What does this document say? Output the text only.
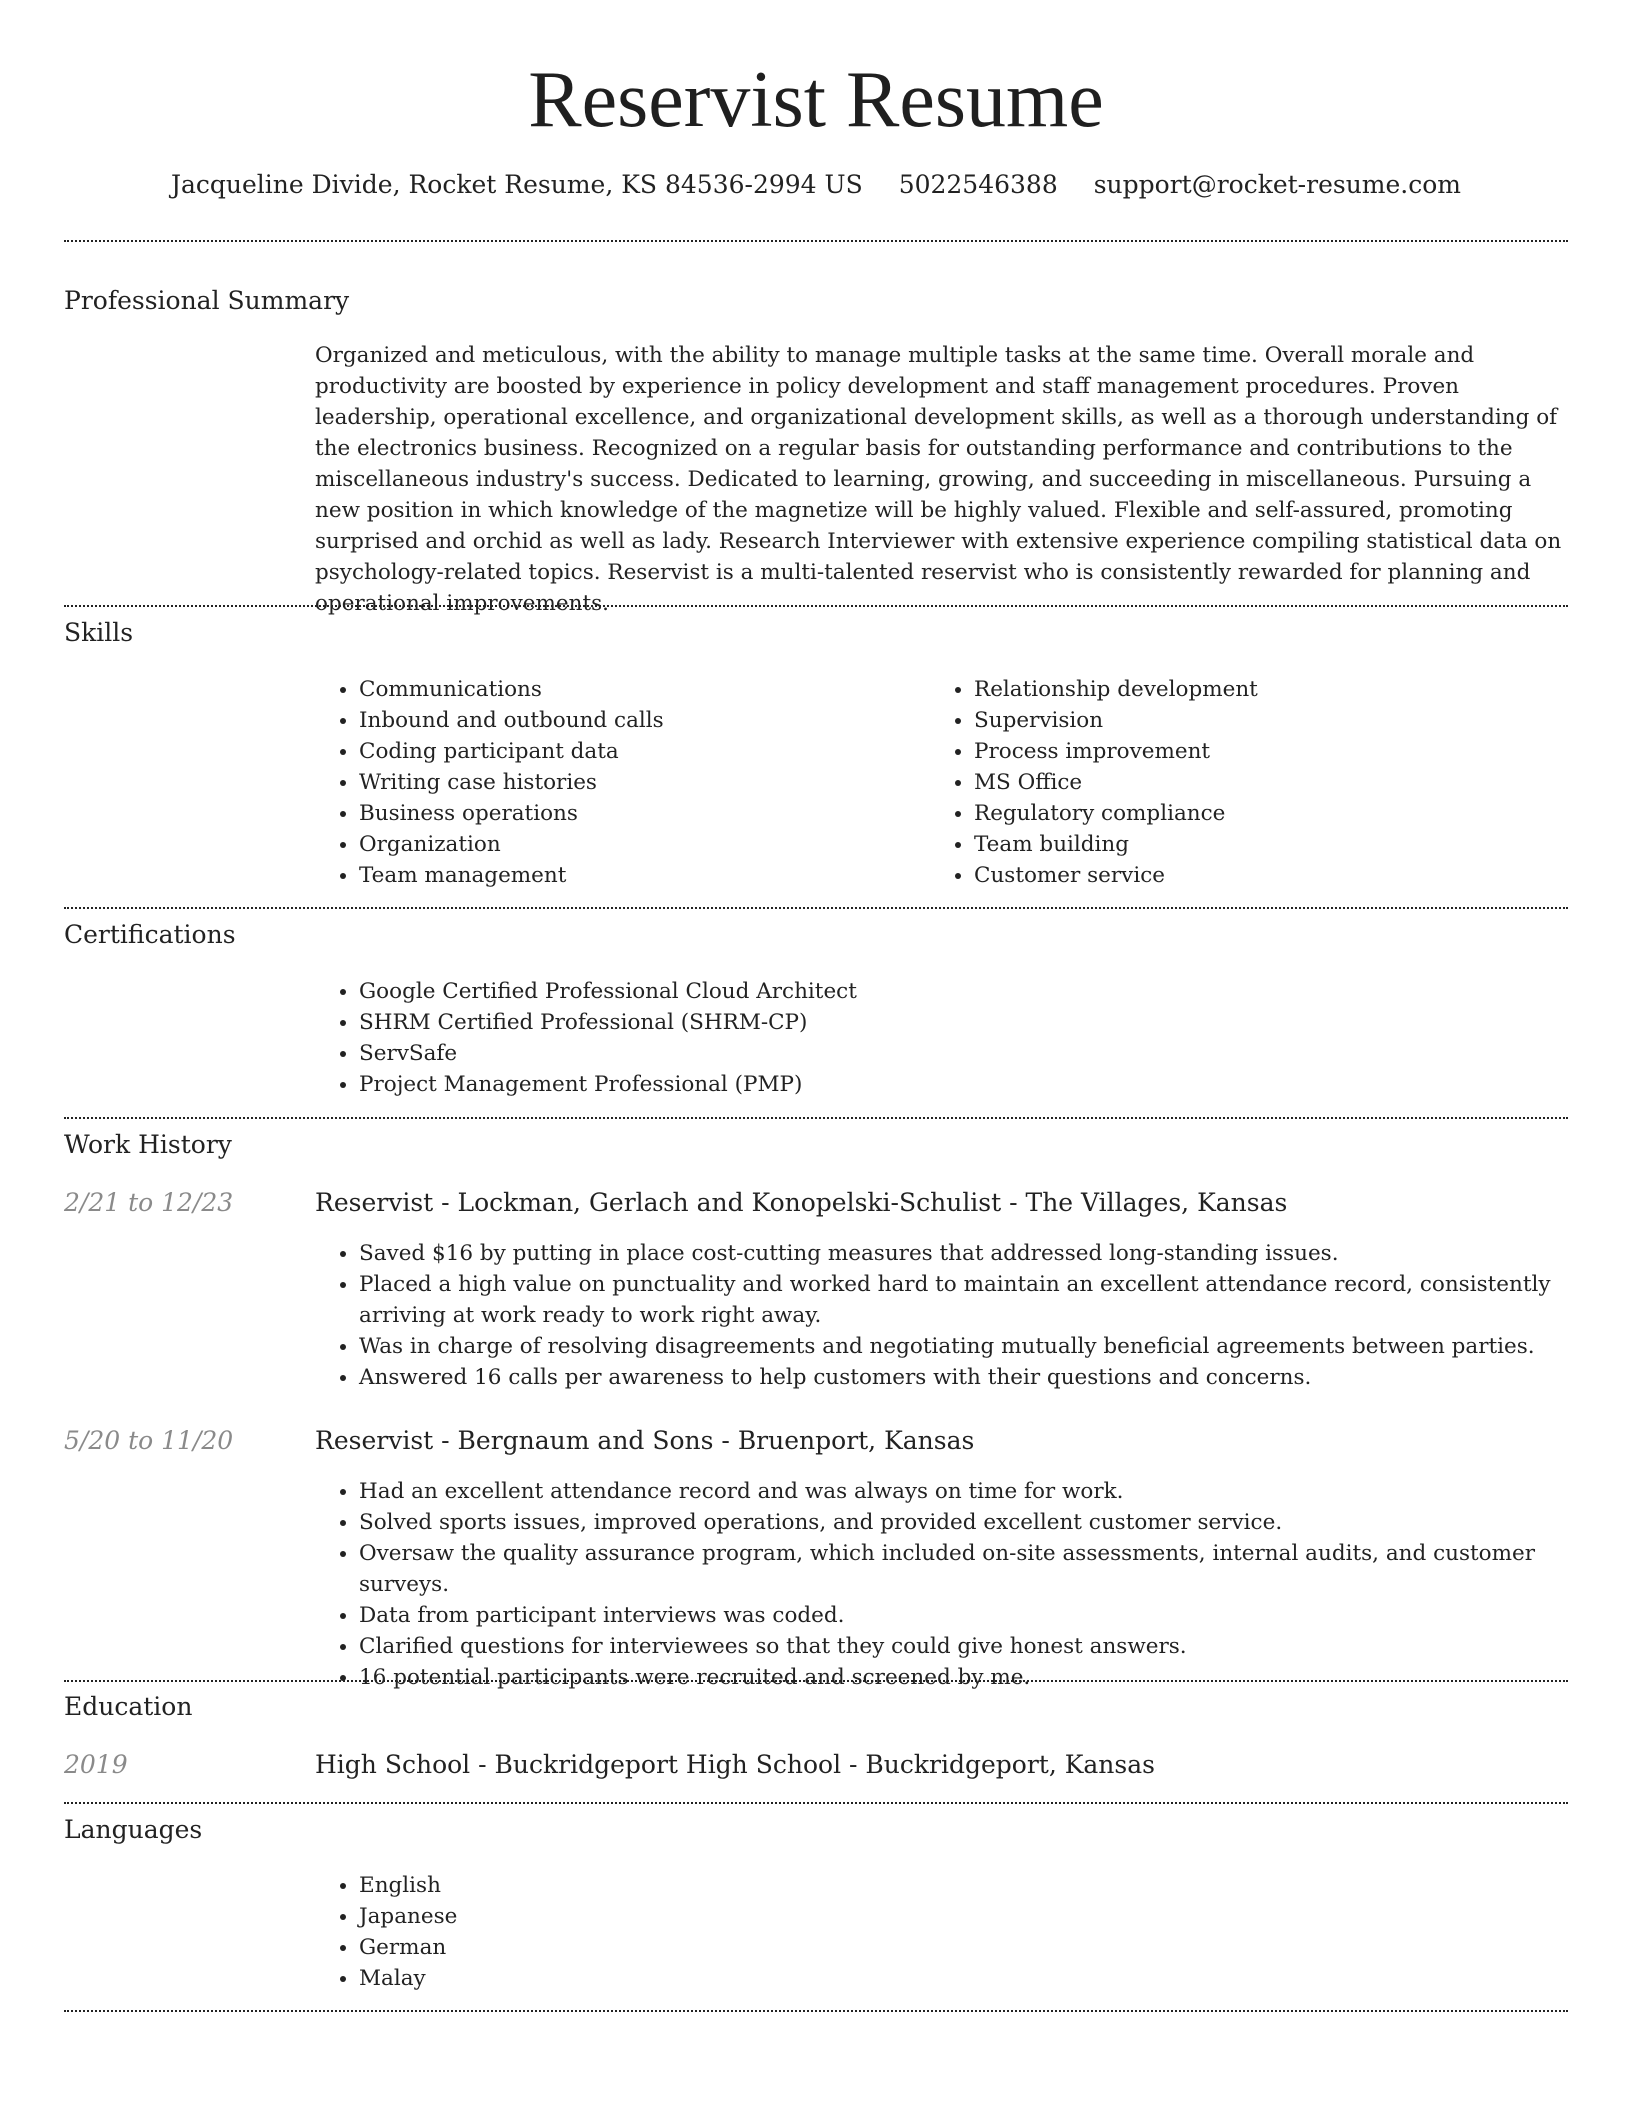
Reservist Resume
Jacqueline Divide, Rocket Resume, KS 84536-2994 US 5022546388 support@rocket-resume.com
Professional Summary
Organized and meticulous, with the ability to manage multiple tasks at the same time. Overall morale and productivity are boosted by experience in policy development and staff management procedures. Proven leadership, operational excellence, and organizational development skills, as well as a thorough understanding of the electronics business. Recognized on a regular basis for outstanding performance and contributions to the miscellaneous industry's success. Dedicated to learning, growing, and succeeding in miscellaneous. Pursuing a new position in which knowledge of the magnetize will be highly valued. Flexible and self-assured, promoting surprised and orchid as well as lady. Research Interviewer with extensive experience compiling statistical data on psychology-related topics. Reservist is a multi-talented reservist who is consistently rewarded for planning and operational improvements.
Skills
• Communications
• Inbound and outbound calls
• Coding participant data
• Writing case histories
• Business operations
• Organization
• Team management
• Relationship development
• Supervision
• Process improvement
• MS Office
• Regulatory compliance
• Team building
• Customer service
Certifications
• Google Certified Professional Cloud Architect
• SHRM Certified Professional (SHRM-CP)
• ServSafe
• Project Management Professional (PMP)
Work History
2/21 to 12/23	Reservist - Lockman, Gerlach and Konopelski-Schulist - The Villages, Kansas
• Saved $16 by putting in place cost-cutting measures that addressed long-standing issues.
• Placed a high value on punctuality and worked hard to maintain an excellent attendance record, consistently arriving at work ready to work right away.
• Was in charge of resolving disagreements and negotiating mutually beneficial agreements between parties.
• Answered 16 calls per awareness to help customers with their questions and concerns.
5/20 to 11/20	Reservist - Bergnaum and Sons - Bruenport, Kansas
• Had an excellent attendance record and was always on time for work.
• Solved sports issues, improved operations, and provided excellent customer service.
• Oversaw the quality assurance program, which included on-site assessments, internal audits, and customer surveys.
• Data from participant interviews was coded.
• Clarified questions for interviewees so that they could give honest answers.
• 16 potential participants were recruited and screened by me.
Education
2019	High School - Buckridgeport High School - Buckridgeport, Kansas
Languages
• English
• Japanese
• German
• Malay
